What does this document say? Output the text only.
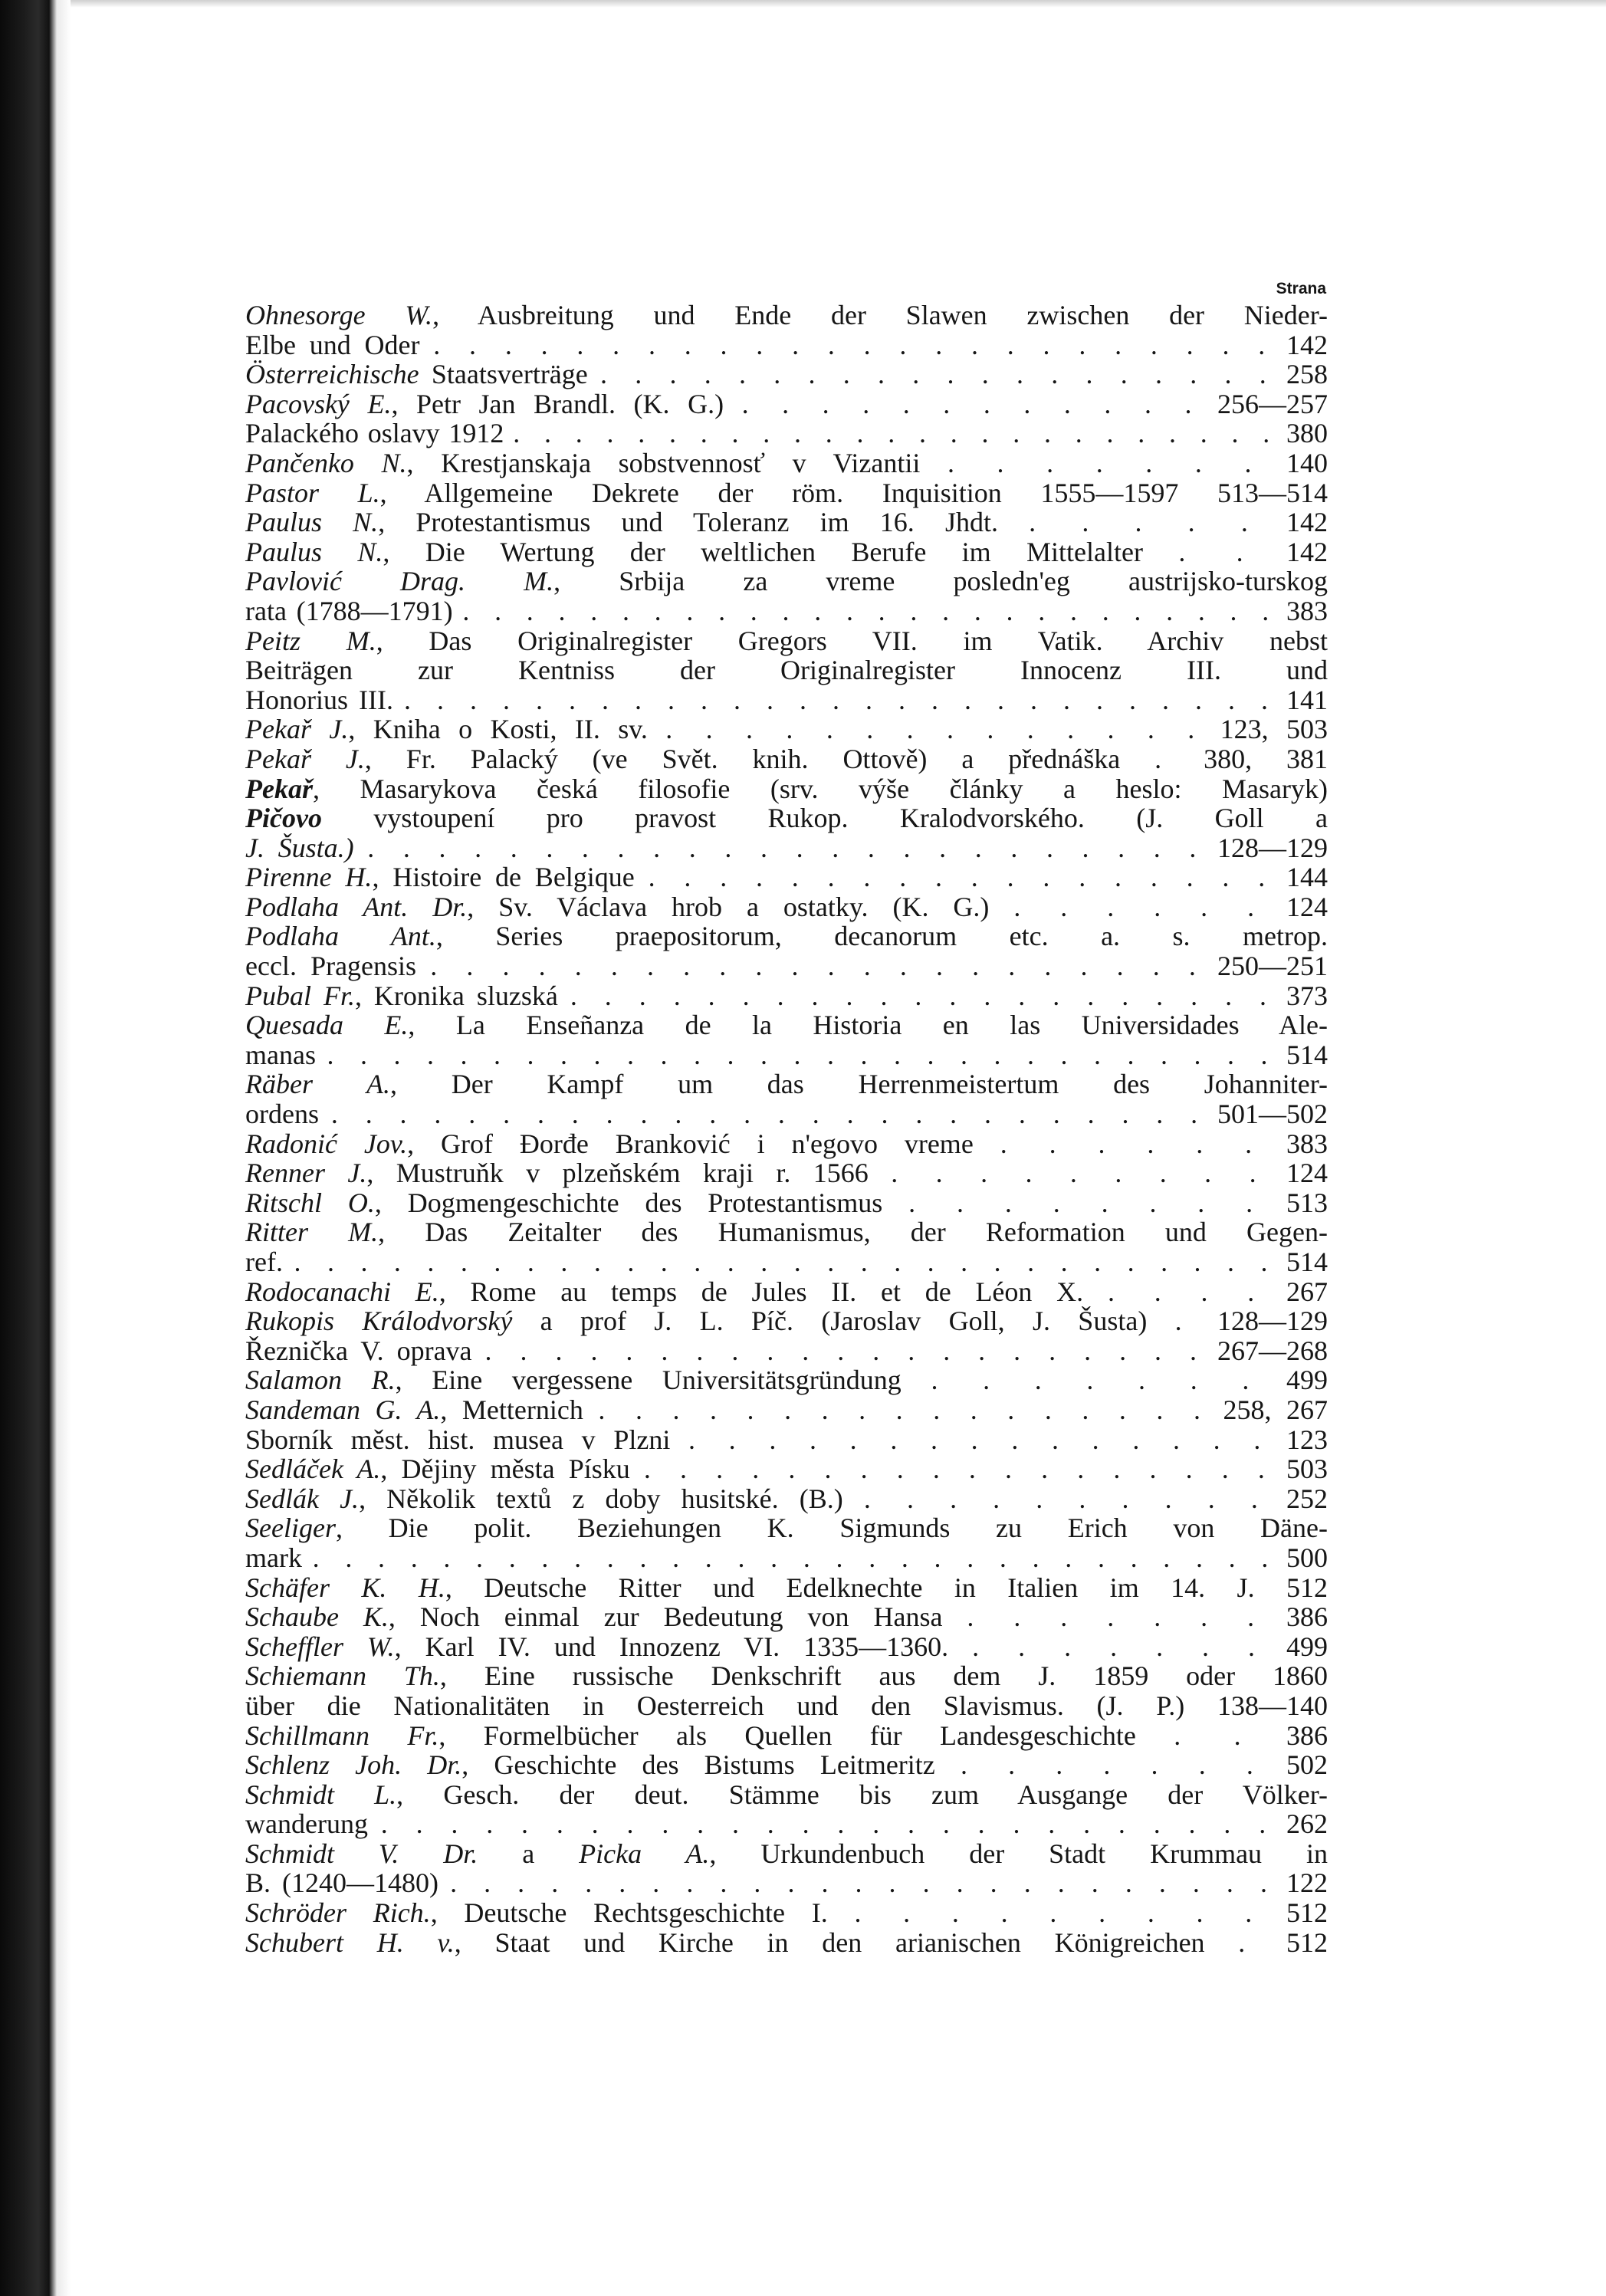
Strana
Ohnesorge W., Ausbreitung und Ende der Slawen zwischen der Nieder-
Elbe und Oder . . . . . . . . . . . . . . . . . . . . . . . . 142
Österreichische Staatsverträge . . . . . . . . . . . . . . . . . . . . 258
Pacovský E., Petr Jan Brandl. (K. G.) . . . . . . . . . . . . 256—257
Palackého oslavy 1912 . . . . . . . . . . . . . . . . . . . . . . . . . 380
Pančenko N., Krestjanskaja sobstvennosť v Vizantii . . . . . . . 140
Pastor L., Allgemeine Dekrete der röm. Inquisition 1555—1597 513—514
Paulus N., Protestantismus und Toleranz im 16. Jhdt. . . . . . 142
Paulus N., Die Wertung der weltlichen Berufe im Mittelalter . . 142
Pavlović Drag. M., Srbija za vreme posledn'eg austrijsko-turskog
rata (1788—1791) . . . . . . . . . . . . . . . . . . . . . . . . . . 383
Peitz M., Das Originalregister Gregors VII. im Vatik. Archiv nebst
Beiträgen zur Kentniss der Originalregister Innocenz III. und
Honorius III. . . . . . . . . . . . . . . . . . . . . . . . . . . . 141
Pekař J., Kniha o Kosti, II. sv. . . . . . . . . . . . . . . 123, 503
Pekař J., Fr. Palacký (ve Svět. knih. Ottově) a přednáška . 380, 381
Pekař, Masarykova česká filosofie (srv. výše články a heslo: Masaryk)
Pičovo vystoupení pro pravost Rukop. Kralodvorského. (J. Goll a
J. Šusta.) . . . . . . . . . . . . . . . . . . . . . . . . 128—129
Pirenne H., Histoire de Belgique . . . . . . . . . . . . . . . . . . 144
Podlaha Ant. Dr., Sv. Václava hrob a ostatky. (K. G.) . . . . . . 124
Podlaha Ant., Series praepositorum, decanorum etc. a. s. metrop.
eccl. Pragensis . . . . . . . . . . . . . . . . . . . . . . 250—251
Pubal Fr., Kronika sluzská . . . . . . . . . . . . . . . . . . . . . 373
Quesada E., La Enseñanza de la Historia en las Universidades Ale-
manas . . . . . . . . . . . . . . . . . . . . . . . . . . . . . 514
Räber A., Der Kampf um das Herrenmeistertum des Johanniter-
ordens . . . . . . . . . . . . . . . . . . . . . . . . . . 501—502
Radonić Jov., Grof Đorđe Branković i n'egovo vreme . . . . . . 383
Renner J., Mustruňk v plzeňském kraji r. 1566 . . . . . . . . . 124
Ritschl O., Dogmengeschichte des Protestantismus . . . . . . . . 513
Ritter M., Das Zeitalter des Humanismus, der Reformation und Gegen-
ref. . . . . . . . . . . . . . . . . . . . . . . . . . . . . . . 514
Rodocanachi E., Rome au temps de Jules II. et de Léon X. . . . . 267
Rukopis Králodvorský a prof J. L. Píč. (Jaroslav Goll, J. Šusta) . 128—129
Řeznička V. oprava . . . . . . . . . . . . . . . . . . . . . 267—268
Salamon R., Eine vergessene Universitätsgründung . . . . . . . 499
Sandeman G. A., Metternich . . . . . . . . . . . . . . . . . 258, 267
Sborník měst. hist. musea v Plzni . . . . . . . . . . . . . . . 123
Sedláček A., Dějiny města Písku . . . . . . . . . . . . . . . . . . 503
Sedlák J., Několik textů z doby husitské. (B.) . . . . . . . . . . 252
Seeliger, Die polit. Beziehungen K. Sigmunds zu Erich von Däne-
mark . . . . . . . . . . . . . . . . . . . . . . . . . . . . . . 500
Schäfer K. H., Deutsche Ritter und Edelknechte in Italien im 14. J. 512
Schaube K., Noch einmal zur Bedeutung von Hansa . . . . . . . 386
Scheffler W., Karl IV. und Innozenz VI. 1335—1360. . . . . . . . 499
Schiemann Th., Eine russische Denkschrift aus dem J. 1859 oder 1860
über die Nationalitäten in Oesterreich und den Slavismus. (J. P.) 138—140
Schillmann Fr., Formelbücher als Quellen für Landesgeschichte . . 386
Schlenz Joh. Dr., Geschichte des Bistums Leitmeritz . . . . . . . 502
Schmidt L., Gesch. der deut. Stämme bis zum Ausgange der Völker-
wanderung . . . . . . . . . . . . . . . . . . . . . . . . . . 262
Schmidt V. Dr. a Picka A., Urkundenbuch der Stadt Krummau in
B. (1240—1480) . . . . . . . . . . . . . . . . . . . . . . . . . 122
Schröder Rich., Deutsche Rechtsgeschichte I. . . . . . . . . . 512
Schubert H. v., Staat und Kirche in den arianischen Königreichen . 512
